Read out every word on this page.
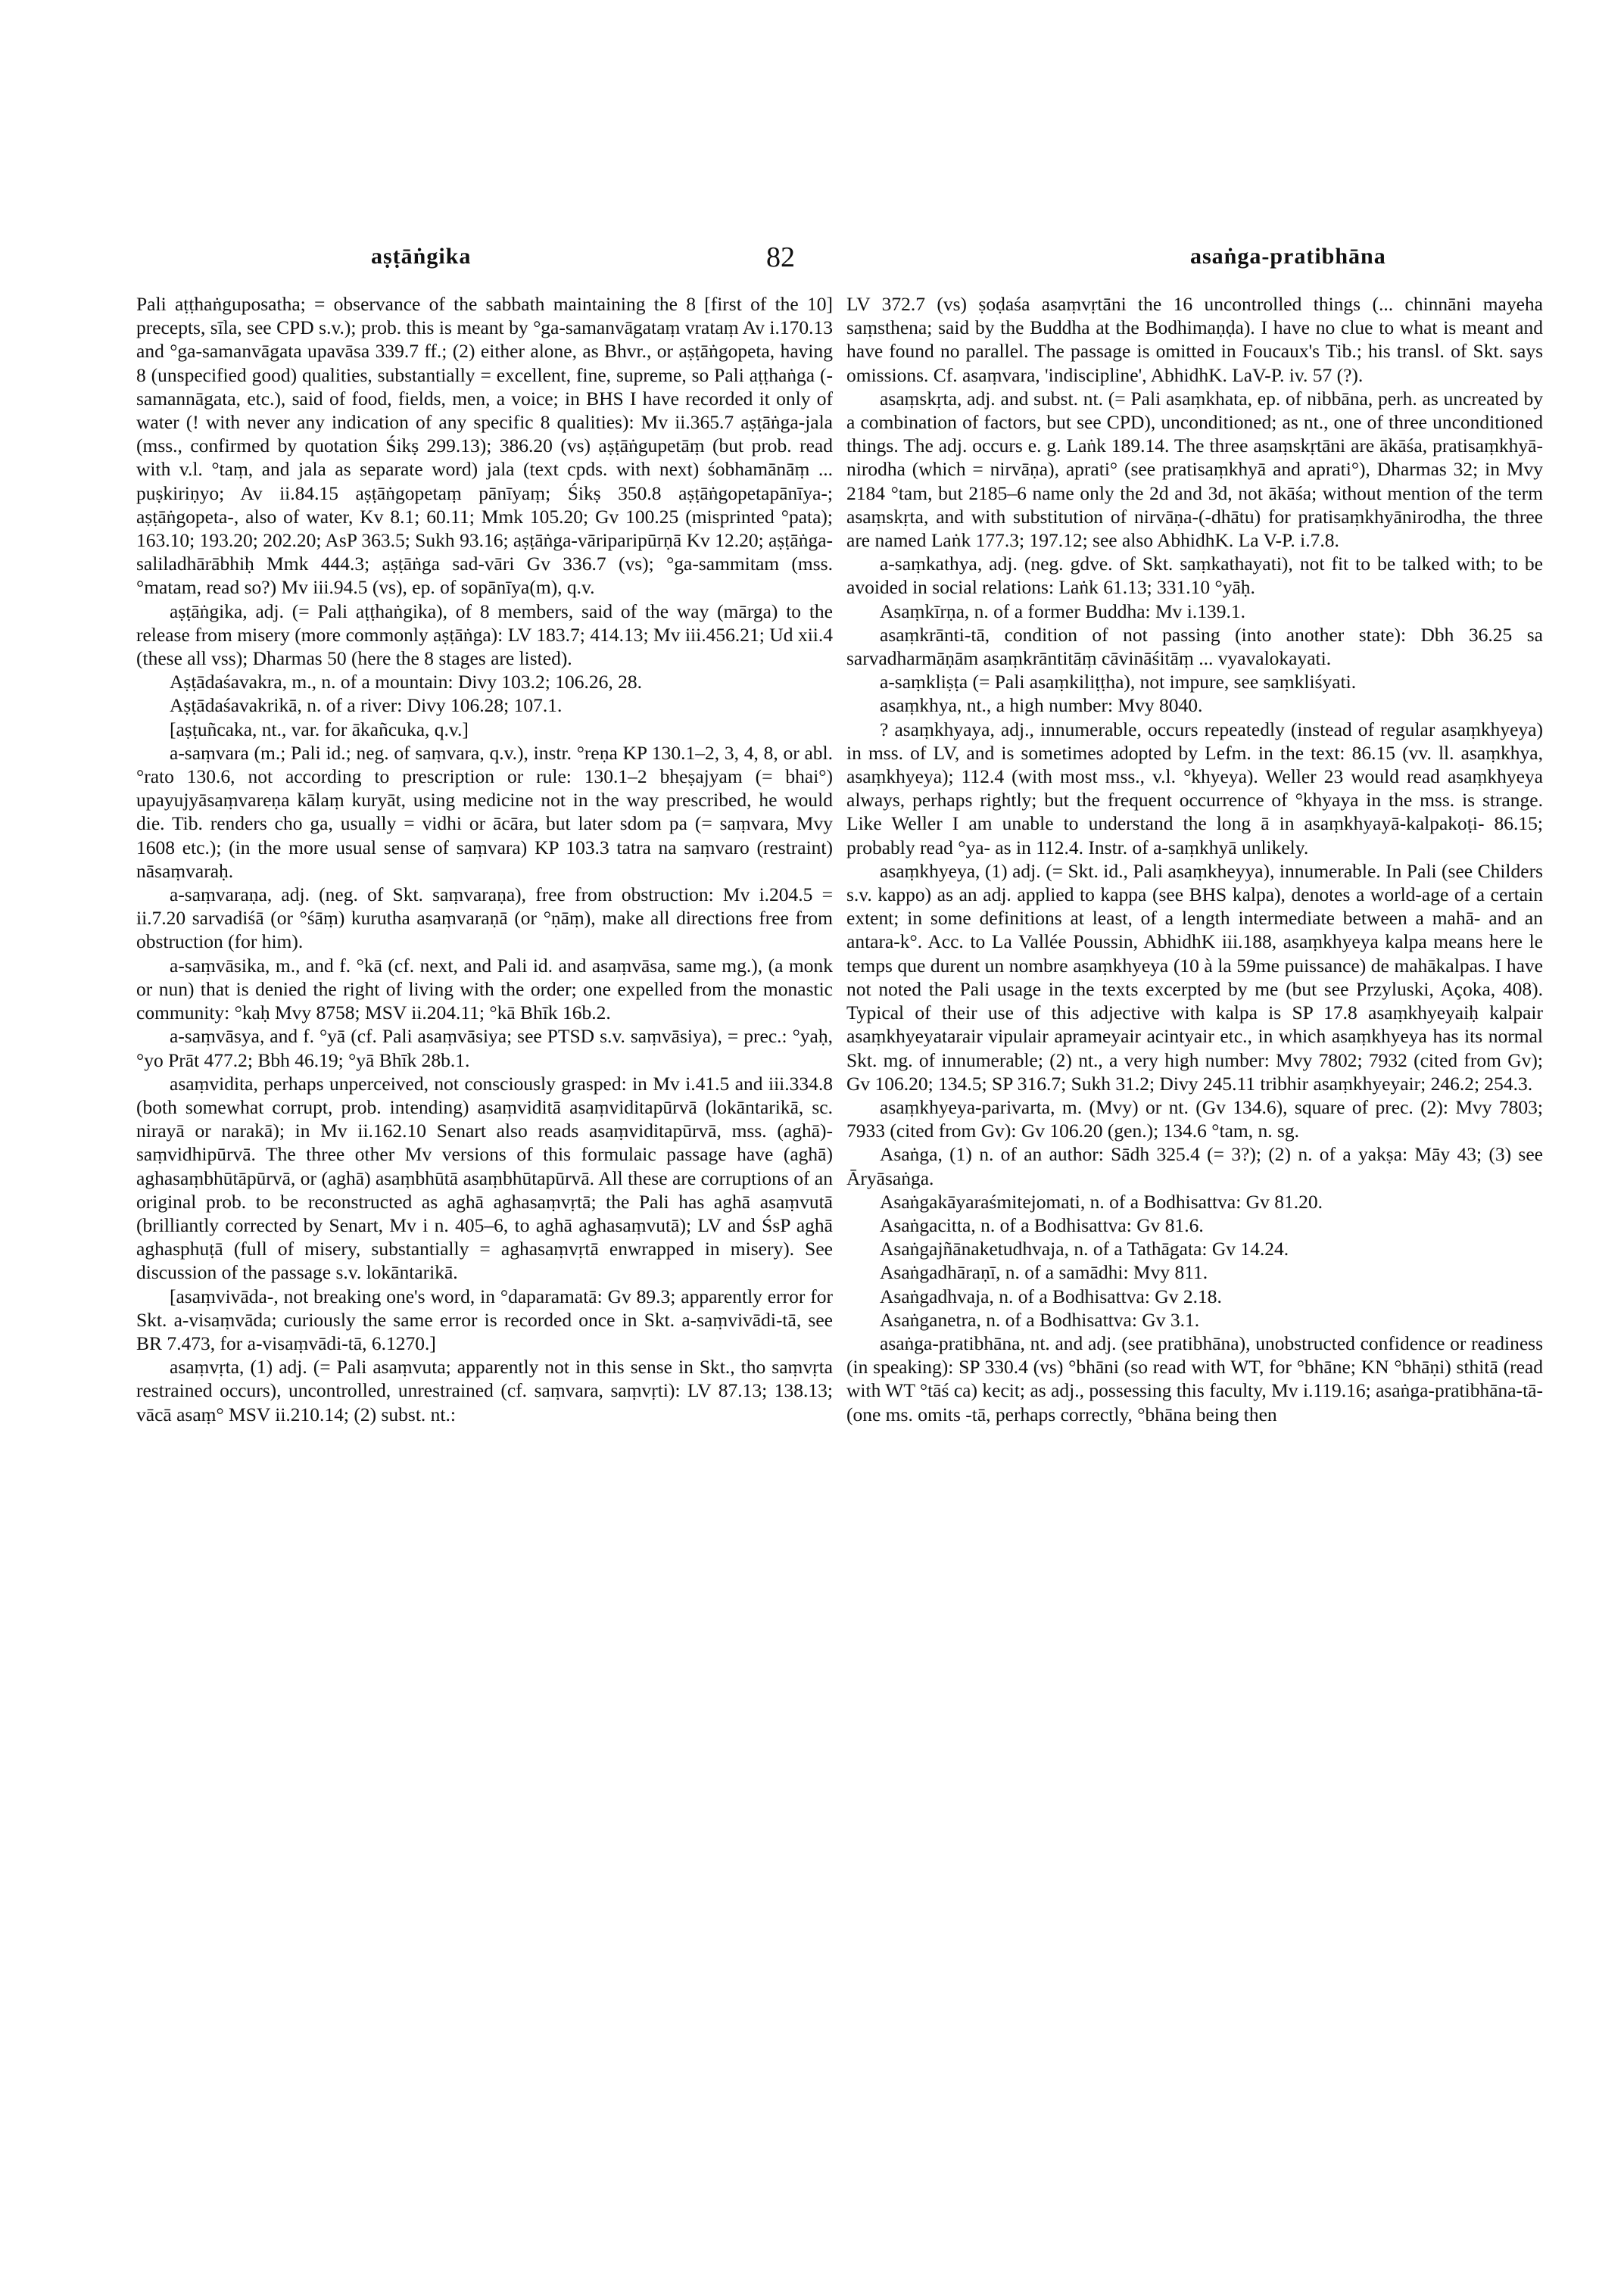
aṣṭāṅgika	82	asaṅga-pratibhāna

Pali aṭṭhaṅguposatha; = observance of the sabbath maintaining the 8 [first of the 10] precepts, sīla, see CPD s.v.); prob. this is meant by °ga-samanvāgataṃ vrataṃ Av i.170.13 and °ga-samanvāgata upavāsa 339.7 ff.; (2) either alone, as Bhvr., or aṣṭāṅgopeta, having 8 (unspecified good) qualities, substantially = excellent, fine, supreme, so Pali aṭṭhaṅga (-samannāgata, etc.), said of food, fields, men, a voice; in BHS I have recorded it only of water (! with never any indication of any specific 8 qualities): Mv ii.365.7 aṣṭāṅga-jala (mss., confirmed by quotation Śikṣ 299.13); 386.20 (vs) aṣṭāṅgupetāṃ (but prob. read with v.l. °taṃ, and jala as separate word) jala (text cpds. with next) śobhamānāṃ ... puṣkiriṇyo; Av ii.84.15 aṣṭāṅgopetaṃ pānīyaṃ; Śikṣ 350.8 aṣṭāṅgopetapānīya-; aṣṭāṅgopeta-, also of water, Kv 8.1; 60.11; Mmk 105.20; Gv 100.25 (misprinted °pata); 163.10; 193.20; 202.20; AsP 363.5; Sukh 93.16; aṣṭāṅga-vāriparipūrṇā Kv 12.20; aṣṭāṅga-saliladhārābhiḥ Mmk 444.3; aṣṭāṅga sad-vāri Gv 336.7 (vs); °ga-sammitam (mss. °matam, read so?) Mv iii.94.5 (vs), ep. of sopānīya(m), q.v.

aṣṭāṅgika, adj. (= Pali aṭṭhaṅgika), of 8 members, said of the way (mārga) to the release from misery (more commonly aṣṭāṅga): LV 183.7; 414.13; Mv iii.456.21; Ud xii.4 (these all vss); Dharmas 50 (here the 8 stages are listed).

Aṣṭādaśavakra, m., n. of a mountain: Divy 103.2; 106.26, 28.

Aṣṭādaśavakrikā, n. of a river: Divy 106.28; 107.1.

[aṣṭuñcaka, nt., var. for ākañcuka, q.v.]

a-saṃvara (m.; Pali id.; neg. of saṃvara, q.v.), instr. °reṇa KP 130.1–2, 3, 4, 8, or abl. °rato 130.6, not according to prescription or rule: 130.1–2 bheṣajyam (= bhai°) upayujyāsaṃvareṇa kālaṃ kuryāt, using medicine not in the way prescribed, he would die. Tib. renders cho ga, usually = vidhi or ācāra, but later sdom pa (= saṃvara, Mvy 1608 etc.); (in the more usual sense of saṃvara) KP 103.3 tatra na saṃvaro (restraint) nāsaṃvaraḥ.

a-saṃvaraṇa, adj. (neg. of Skt. saṃvaraṇa), free from obstruction: Mv i.204.5 = ii.7.20 sarvadiśā (or °śāṃ) kurutha asaṃvaraṇā (or °ṇāṃ), make all directions free from obstruction (for him).

a-saṃvāsika, m., and f. °kā (cf. next, and Pali id. and asaṃvāsa, same mg.), (a monk or nun) that is denied the right of living with the order; one expelled from the monastic community: °kaḥ Mvy 8758; MSV ii.204.11; °kā Bhīk 16b.2.

a-saṃvāsya, and f. °yā (cf. Pali asaṃvāsiya; see PTSD s.v. saṃvāsiya), = prec.: °yaḥ, °yo Prāt 477.2; Bbh 46.19; °yā Bhīk 28b.1.

asaṃvidita, perhaps unperceived, not consciously grasped: in Mv i.41.5 and iii.334.8 (both somewhat corrupt, prob. intending) asaṃviditā asaṃviditapūrvā (lokāntarikā, sc. nirayā or narakā); in Mv ii.162.10 Senart also reads asaṃviditapūrvā, mss. (aghā)-saṃvidhipūrvā. The three other Mv versions of this formulaic passage have (aghā) aghasaṃbhūtāpūrvā, or (aghā) asaṃbhūtā asaṃbhūtapūrvā. All these are corruptions of an original prob. to be reconstructed as aghā aghasaṃvṛtā; the Pali has aghā asaṃvutā (brilliantly corrected by Senart, Mv i n. 405–6, to aghā aghasaṃvutā); LV and ŚsP aghā aghasphuṭā (full of misery, substantially = aghasaṃvṛtā enwrapped in misery). See discussion of the passage s.v. lokāntarikā.

[asaṃvivāda-, not breaking one's word, in °daparamatā: Gv 89.3; apparently error for Skt. a-visaṃvāda; curiously the same error is recorded once in Skt. a-saṃvivādi-tā, see BR 7.473, for a-visaṃvādi-tā, 6.1270.]

asaṃvṛta, (1) adj. (= Pali asaṃvuta; apparently not in this sense in Skt., tho saṃvṛta restrained occurs), uncontrolled, unrestrained (cf. saṃvara, saṃvṛti): LV 87.13; 138.13; vācā asaṃ° MSV ii.210.14; (2) subst. nt.:

LV 372.7 (vs) ṣoḍaśa asaṃvṛtāni the 16 uncontrolled things (... chinnāni mayeha saṃsthena; said by the Buddha at the Bodhimaṇḍa). I have no clue to what is meant and have found no parallel. The passage is omitted in Foucaux's Tib.; his transl. of Skt. says omissions. Cf. asaṃvara, 'indiscipline', AbhidhK. LaV-P. iv. 57 (?).

asaṃskṛta, adj. and subst. nt. (= Pali asaṃkhata, ep. of nibbāna, perh. as uncreated by a combination of factors, but see CPD), unconditioned; as nt., one of three unconditioned things. The adj. occurs e. g. Laṅk 189.14. The three asaṃskṛtāni are ākāśa, pratisaṃkhyā-nirodha (which = nirvāṇa), aprati° (see pratisaṃkhyā and aprati°), Dharmas 32; in Mvy 2184 °tam, but 2185–6 name only the 2d and 3d, not ākāśa; without mention of the term asaṃskṛta, and with substitution of nirvāṇa-(-dhātu) for pratisaṃkhyānirodha, the three are named Laṅk 177.3; 197.12; see also AbhidhK. La V-P. i.7.8.

a-saṃkathya, adj. (neg. gdve. of Skt. saṃkathayati), not fit to be talked with; to be avoided in social relations: Laṅk 61.13; 331.10 °yāḥ.

Asaṃkīrṇa, n. of a former Buddha: Mv i.139.1.

asaṃkrānti-tā, condition of not passing (into another state): Dbh 36.25 sa sarvadharmāṇām asaṃkrāntitāṃ cāvināśitāṃ ... vyavalokayati.

a-saṃkliṣṭa (= Pali asaṃkiliṭṭha), not impure, see saṃkliśyati.

asaṃkhya, nt., a high number: Mvy 8040.

? asaṃkhyaya, adj., innumerable, occurs repeatedly (instead of regular asaṃkhyeya) in mss. of LV, and is sometimes adopted by Lefm. in the text: 86.15 (vv. ll. asaṃkhya, asaṃkhyeya); 112.4 (with most mss., v.l. °khyeya). Weller 23 would read asaṃkhyeya always, perhaps rightly; but the frequent occurrence of °khyaya in the mss. is strange. Like Weller I am unable to understand the long ā in asaṃkhyayā-kalpakoṭi- 86.15; probably read °ya- as in 112.4. Instr. of a-saṃkhyā unlikely.

asaṃkhyeya, (1) adj. (= Skt. id., Pali asaṃkheyya), innumerable. In Pali (see Childers s.v. kappo) as an adj. applied to kappa (see BHS kalpa), denotes a world-age of a certain extent; in some definitions at least, of a length intermediate between a mahā- and an antara-k°. Acc. to La Vallée Poussin, AbhidhK iii.188, asaṃkhyeya kalpa means here le temps que durent un nombre asaṃkhyeya (10 à la 59me puissance) de mahākalpas. I have not noted the Pali usage in the texts excerpted by me (but see Przyluski, Açoka, 408). Typical of their use of this adjective with kalpa is SP 17.8 asaṃkhyeyaiḥ kalpair asaṃkhyeyatarair vipulair aprameyair acintyair etc., in which asaṃkhyeya has its normal Skt. mg. of innumerable; (2) nt., a very high number: Mvy 7802; 7932 (cited from Gv); Gv 106.20; 134.5; SP 316.7; Sukh 31.2; Divy 245.11 tribhir asaṃkhyeyair; 246.2; 254.3.

asaṃkhyeya-parivarta, m. (Mvy) or nt. (Gv 134.6), square of prec. (2): Mvy 7803; 7933 (cited from Gv): Gv 106.20 (gen.); 134.6 °tam, n. sg.

Asaṅga, (1) n. of an author: Sādh 325.4 (= 3?); (2) n. of a yakṣa: Māy 43; (3) see Āryāsaṅga.

Asaṅgakāyaraśmitejomati, n. of a Bodhisattva: Gv 81.20.

Asaṅgacitta, n. of a Bodhisattva: Gv 81.6.

Asaṅgajñānaketudhvaja, n. of a Tathāgata: Gv 14.24.

Asaṅgadhāraṇī, n. of a samādhi: Mvy 811.

Asaṅgadhvaja, n. of a Bodhisattva: Gv 2.18.

Asaṅganetra, n. of a Bodhisattva: Gv 3.1.

asaṅga-pratibhāna, nt. and adj. (see pratibhāna), unobstructed confidence or readiness (in speaking): SP 330.4 (vs) °bhāni (so read with WT, for °bhāne; KN °bhāṇi) sthitā (read with WT °tāś ca) kecit; as adj., possessing this faculty, Mv i.119.16; asaṅga-pratibhāna-tā- (one ms. omits -tā, perhaps correctly, °bhāna being then
